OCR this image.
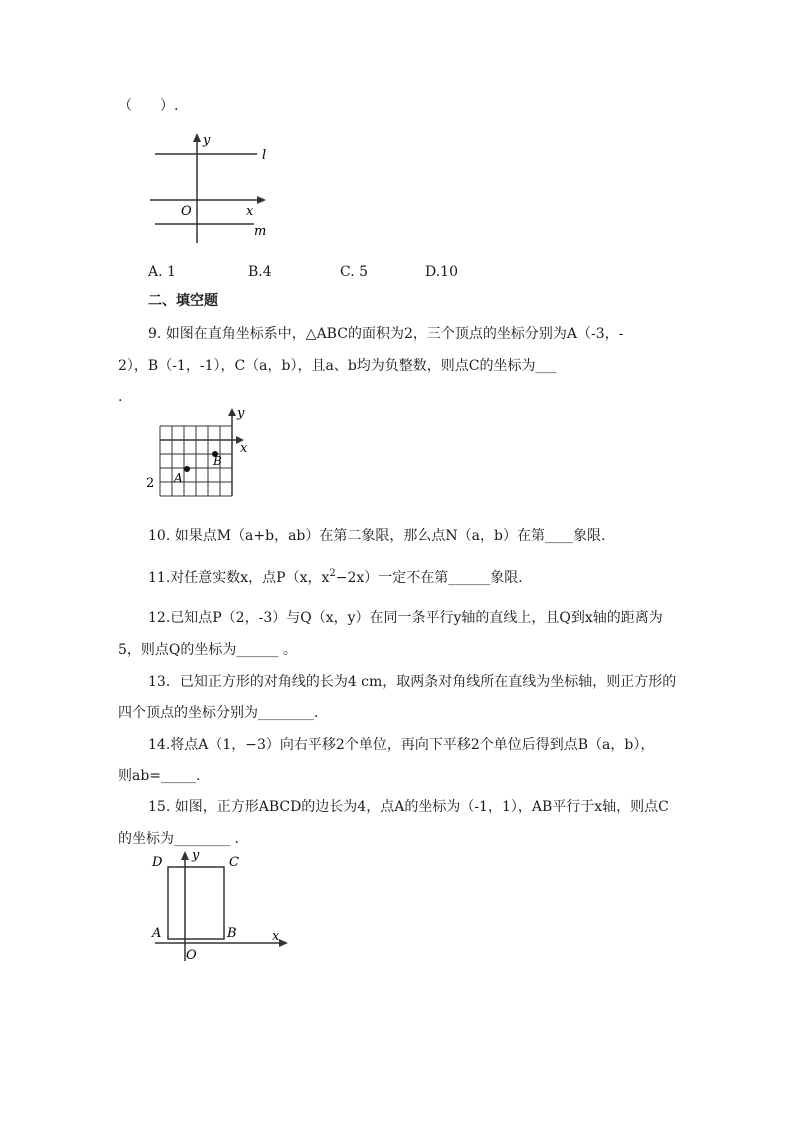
（　　）.
y
l
O	x
m
A. 1	B.4	C. 5	D.10
二、填空题
9. 如图在直角坐标系中，△ABC的面积为2，三个顶点的坐标分别为A（-3，-
2），B（-1，-1），C（a，b），且a、b均为负整数，则点C的坐标为___
.
y
x
A
B
2
10. 如果点M（a+b，ab）在第二象限，那么点N（a，b）在第____象限.
11.对任意实数x，点P（x，$x^2-2x$）一定不在第______象限.
12.已知点P（2，-3）与Q（x，y）在同一条平行y轴的直线上，且Q到x轴的距离为
5，则点Q的坐标为______ 。
13．已知正方形的对角线的长为4 cm，取两条对角线所在直线为坐标轴，则正方形的
四个顶点的坐标分别为________.
14.将点A（1，−3）向右平移2个单位，再向下平移2个单位后得到点B（a，b），
则ab=_____.
15. 如图，正方形ABCD的边长为4，点A的坐标为（-1，1），AB平行于x轴，则点C
的坐标为________ .
D y C
A	B	x
O
